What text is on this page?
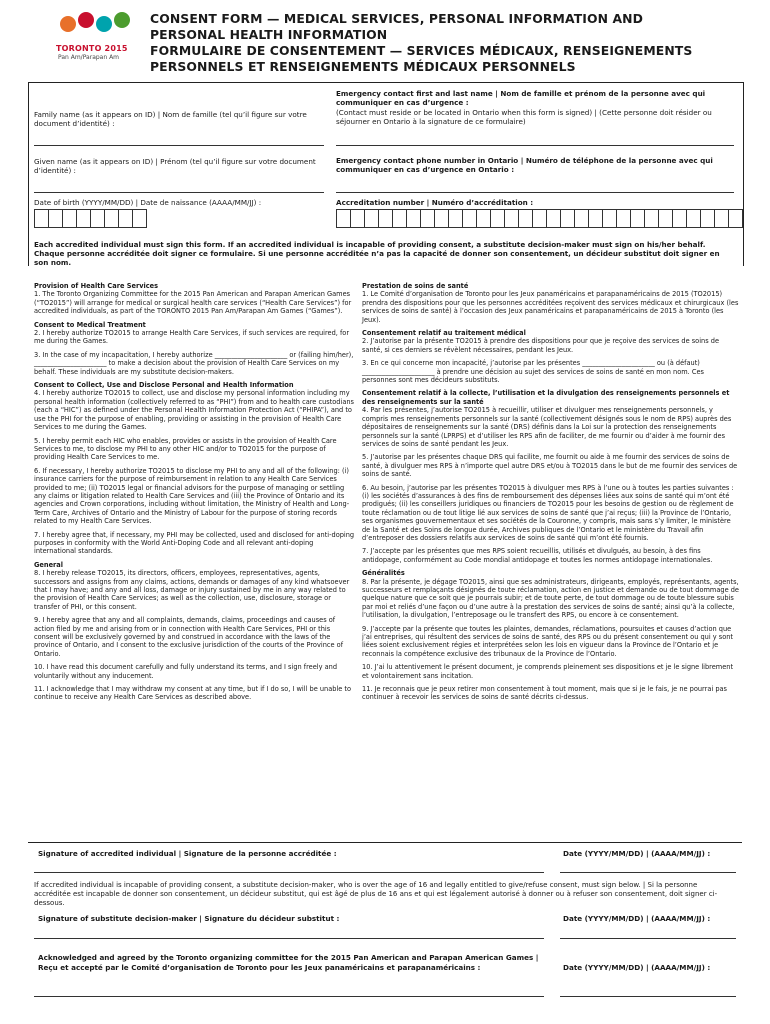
TORONTO 2015
Pan Am/Parapan Am
CONSENT FORM — MEDICAL SERVICES, PERSONAL INFORMATION AND
PERSONAL HEALTH INFORMATION
FORMULAIRE DE CONSENTEMENT — SERVICES MÉDICAUX, RENSEIGNEMENTS
PERSONNELS ET RENSEIGNEMENTS MÉDICAUX PERSONNELS
Family name (as it appears on ID) | Nom de famille (tel qu’il figure sur votre document d’identité) :
Given name (as it appears on ID) | Prénom (tel qu’il figure sur votre document d’identité) :
Date of birth (YYYY/MM/DD) | Date de naissance (AAAA/MM/JJ) :
Emergency contact first and last name | Nom de famille et prénom de la personne avec qui communiquer en cas d’urgence :
(Contact must reside or be located in Ontario when this form is signed) | (Cette personne doit résider ou séjourner en Ontario à la signature de ce formulaire)
Emergency contact phone number in Ontario | Numéro de téléphone de la personne avec qui communiquer en cas d’urgence en Ontario :
Accreditation number | Numéro d’accréditation :
Each accredited individual must sign this form. If an accredited individual is incapable of providing consent, a substitute decision-maker must sign on his/her behalf. Chaque personne accréditée doit signer ce formulaire. Si une personne accréditée n’a pas la capacité de donner son consentement, un décideur substitut doit signer en son nom.
Provision of Health Care Services

1. The Toronto Organizing Committee for the 2015 Pan American and Parapan American Games (“TO2015”) will arrange for medical or surgical health care services (“Health Care Services”) for accredited individuals, as part of the TORONTO 2015 Pan Am/Parapan Am Games (“Games”).

Consent to Medical Treatment

2. I hereby authorize TO2015 to arrange Health Care Services, if such services are required, for me during the Games.

3. In the case of my incapacitation, I hereby authorize ______________________ or (failing him/her), ______________________ to make a decision about the provision of Health Care Services on my behalf. These individuals are my substitute decision-makers.

Consent to Collect, Use and Disclose Personal and Health Information

4. I hereby authorize TO2015 to collect, use and disclose my personal information including my personal health information (collectively referred to as “PHI”) from and to health care custodians (each a “HIC”) as defined under the Personal Health Information Protection Act (“PHIPA”), and to use the PHI for the purpose of enabling, providing or assisting in the provision of Health Care Services to me during the Games.

5. I hereby permit each HIC who enables, provides or assists in the provision of Health Care Services to me, to disclose my PHI to any other HIC and/or to TO2015 for the purpose of providing Health Care Services to me.

6. If necessary, I hereby authorize TO2015 to disclose my PHI to any and all of the following: (i) insurance carriers for the purpose of reimbursement in relation to any Health Care Services provided to me; (ii) TO2015 legal or financial advisors for the purpose of managing or settling any claims or litigation related to Health Care Services and (iii) the Province of Ontario and its agencies and Crown corporations, including without limitation, the Ministry of Health and Long-Term Care, Archives of Ontario and the Ministry of Labour for the purpose of storing records related to my Health Care Services.

7. I hereby agree that, if necessary, my PHI may be collected, used and disclosed for anti-doping purposes in conformity with the World Anti-Doping Code and all relevant anti-doping international standards.

General

8. I hereby release TO2015, its directors, officers, employees, representatives, agents, successors and assigns from any claims, actions, demands or damages of any kind whatsoever that I may have; and any and all loss, damage or injury sustained by me in any way related to the provision of Health Care Services; as well as the collection, use, disclosure, storage or transfer of PHI, or this consent.

9. I hereby agree that any and all complaints, demands, claims, proceedings and causes of action filed by me and arising from or in connection with Health Care Services, PHI or this consent will be exclusively governed by and construed in accordance with the laws of the province of Ontario, and I consent to the exclusive jurisdiction of the courts of the Province of Ontario.

10. I have read this document carefully and fully understand its terms, and I sign freely and voluntarily without any inducement.

11. I acknowledge that I may withdraw my consent at any time, but if I do so, I will be unable to continue to receive any Health Care Services as described above.

Prestation de soins de santé

1. Le Comité d’organisation de Toronto pour les Jeux panaméricains et parapanaméricains de 2015 (TO2015) prendra des dispositions pour que les personnes accréditées reçoivent des services médicaux et chirurgicaux (les services de soins de santé) à l’occasion des Jeux panaméricains et parapanaméricains de 2015 à Toronto (les Jeux).

Consentement relatif au traitement médical

2. J’autorise par la présente TO2015 à prendre des dispositions pour que je reçoive des services de soins de santé, si ces derniers se révèlent nécessaires, pendant les Jeux.

3. En ce qui concerne mon incapacité, j’autorise par les présentes ______________________ ou (à défaut) ______________________ à prendre une décision au sujet des services de soins de santé en mon nom. Ces personnes sont mes décideurs substituts.

Consentement relatif à la collecte, l’utilisation et la divulgation des renseignements personnels et des renseignements sur la santé

4. Par les présentes, j’autorise TO2015 à recueillir, utiliser et divulguer mes renseignements personnels, y compris mes renseignements personnels sur la santé (collectivement désignés sous le nom de RPS) auprès des dépositaires de renseignements sur la santé (DRS) définis dans la Loi sur la protection des renseignements personnels sur la santé (LPRPS) et d’utiliser les RPS afin de faciliter, de me fournir ou d’aider à me fournir des services de soins de santé pendant les Jeux.

5. J’autorise par les présentes chaque DRS qui facilite, me fournit ou aide à me fournir des services de soins de santé, à divulguer mes RPS à n’importe quel autre DRS et/ou à TO2015 dans le but de me fournir des services de soins de santé.

6. Au besoin, j’autorise par les présentes TO2015 à divulguer mes RPS à l’une ou à toutes les parties suivantes : (i) les sociétés d’assurances à des fins de remboursement des dépenses liées aux soins de santé qui m’ont été prodigués; (ii) les conseillers juridiques ou financiers de TO2015 pour les besoins de gestion ou de règlement de toute réclamation ou de tout litige lié aux services de soins de santé que j’ai reçus; (iii) la Province de l’Ontario, ses organismes gouvernementaux et ses sociétés de la Couronne, y compris, mais sans s’y limiter, le ministère de la Santé et des Soins de longue durée, Archives publiques de l’Ontario et le ministère du Travail afin d’entreposer des dossiers relatifs aux services de soins de santé qui m’ont été fournis.

7. J’accepte par les présentes que mes RPS soient recueillis, utilisés et divulgués, au besoin, à des fins antidopage, conformément au Code mondial antidopage et toutes les normes antidopage internationales.

Généralités

8. Par la présente, je dégage TO2015, ainsi que ses administrateurs, dirigeants, employés, représentants, agents, successeurs et remplaçants désignés de toute réclamation, action en justice et demande ou de tout dommage de quelque nature que ce soit que je pourrais subir; et de toute perte, de tout dommage ou de toute blessure subis par moi et reliés d’une façon ou d’une autre à la prestation des services de soins de santé; ainsi qu’à la collecte, l’utilisation, la divulgation, l’entreposage ou le transfert des RPS, ou encore à ce consentement.

9. J’accepte par la présente que toutes les plaintes, demandes, réclamations, poursuites et causes d’action que j’ai entreprises, qui résultent des services de soins de santé, des RPS ou du présent consentement ou qui y sont liées soient exclusivement régies et interprétées selon les lois en vigueur dans la Province de l’Ontario et je reconnais la compétence exclusive des tribunaux de la Province de l’Ontario.

10. J’ai lu attentivement le présent document, je comprends pleinement ses dispositions et je le signe librement et volontairement sans incitation.

11. Je reconnais que je peux retirer mon consentement à tout moment, mais que si je le fais, je ne pourrai pas continuer à recevoir les services de soins de santé décrits ci-dessus.

Signature of accredited individual | Signature de la personne accréditée :	Date (YYYY/MM/DD) | (AAAA/MM/JJ) :
If accredited individual is incapable of providing consent, a substitute decision-maker, who is over the age of 16 and legally entitled to give/refuse consent, must sign below. | Si la personne accréditée est incapable de donner son consentement, un décideur substitut, qui est âgé de plus de 16 ans et qui est légalement autorisé à donner ou à refuser son consentement, doit signer ci-dessous.
Signature of substitute decision-maker | Signature du décideur substitut :	Date (YYYY/MM/DD) | (AAAA/MM/JJ) :
Acknowledged and agreed by the Toronto organizing committee for the 2015 Pan American and Parapan American Games | Reçu et accepté par le Comité d’organisation de Toronto pour les Jeux panaméricains et parapanaméricains :	Date (YYYY/MM/DD) | (AAAA/MM/JJ) :
